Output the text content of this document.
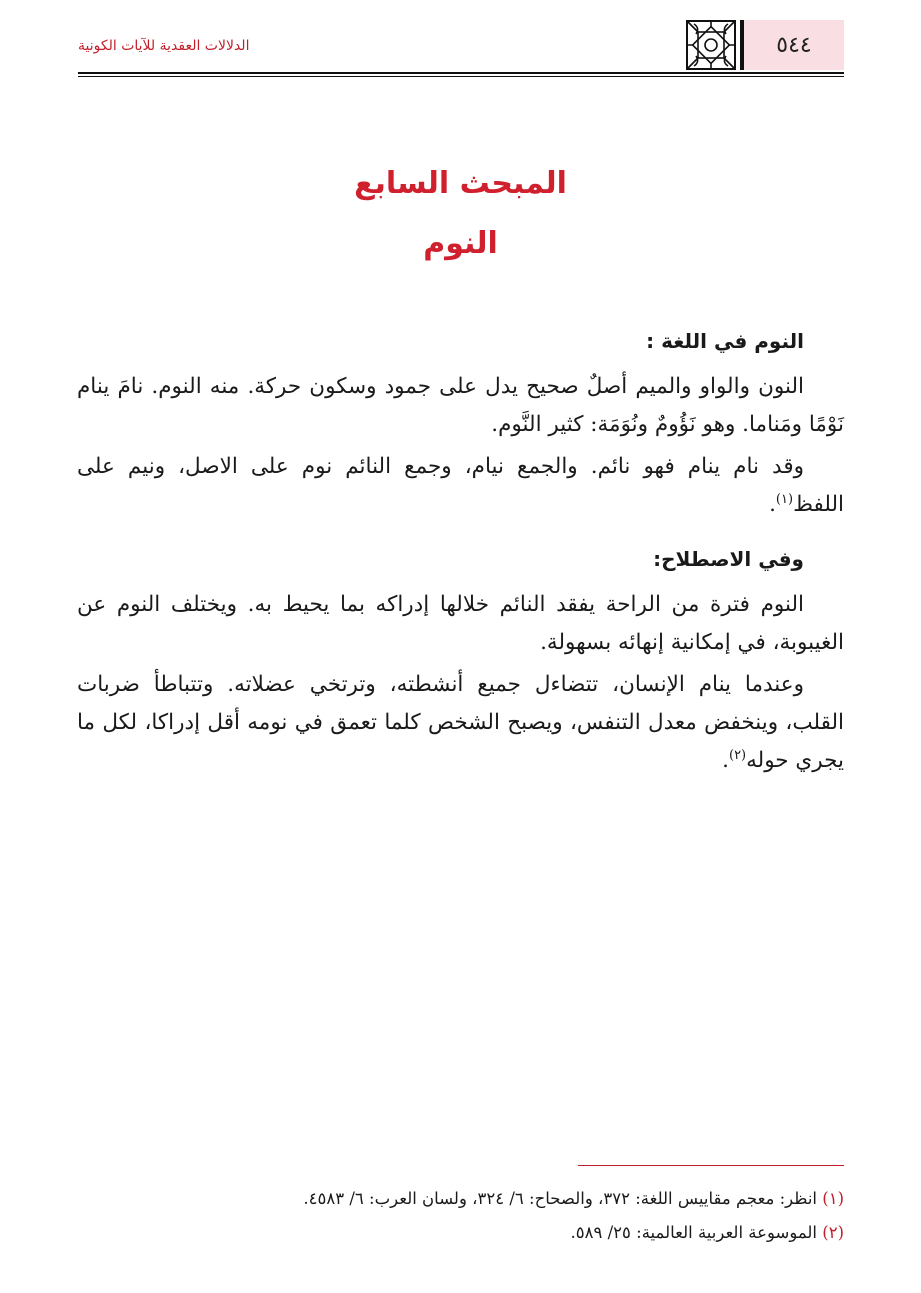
٥٤٤
الدلالات العقدية للآيات الكونية
المبحث السابع
النوم
النوم في اللغة :

النون والواو والميم أصلٌ صحيح يدل على جمود وسكون حركة. منه النوم. نامَ ينام نَوْمًا ومَناما. وهو نَؤُومٌ ونُوَمَة: كثير النَّوم.

وقد نام ينام فهو نائم. والجمع نيام، وجمع النائم نوم على الاصل، ونيم على اللفظ$^{(١)}$.

وفي الاصطلاح:

النوم فترة من الراحة يفقد النائم خلالها إدراكه بما يحيط به. ويختلف النوم عن الغيبوبة، في إمكانية إنهائه بسهولة.

وعندما ينام الإنسان، تتضاءل جميع أنشطته، وترتخي عضلاته. وتتباطأ ضربات القلب، وينخفض معدل التنفس، ويصبح الشخص كلما تعمق في نومه أقل إدراكا، لكل ما يجري حوله$^{(٢)}$.

(١) انظر: معجم مقاييس اللغة: ٣٧٢، والصحاح: ٦/ ٣٢٤، ولسان العرب: ٦/ ٤٥٨٣.
(٢) الموسوعة العربية العالمية: ٢٥/ ٥٨٩.
